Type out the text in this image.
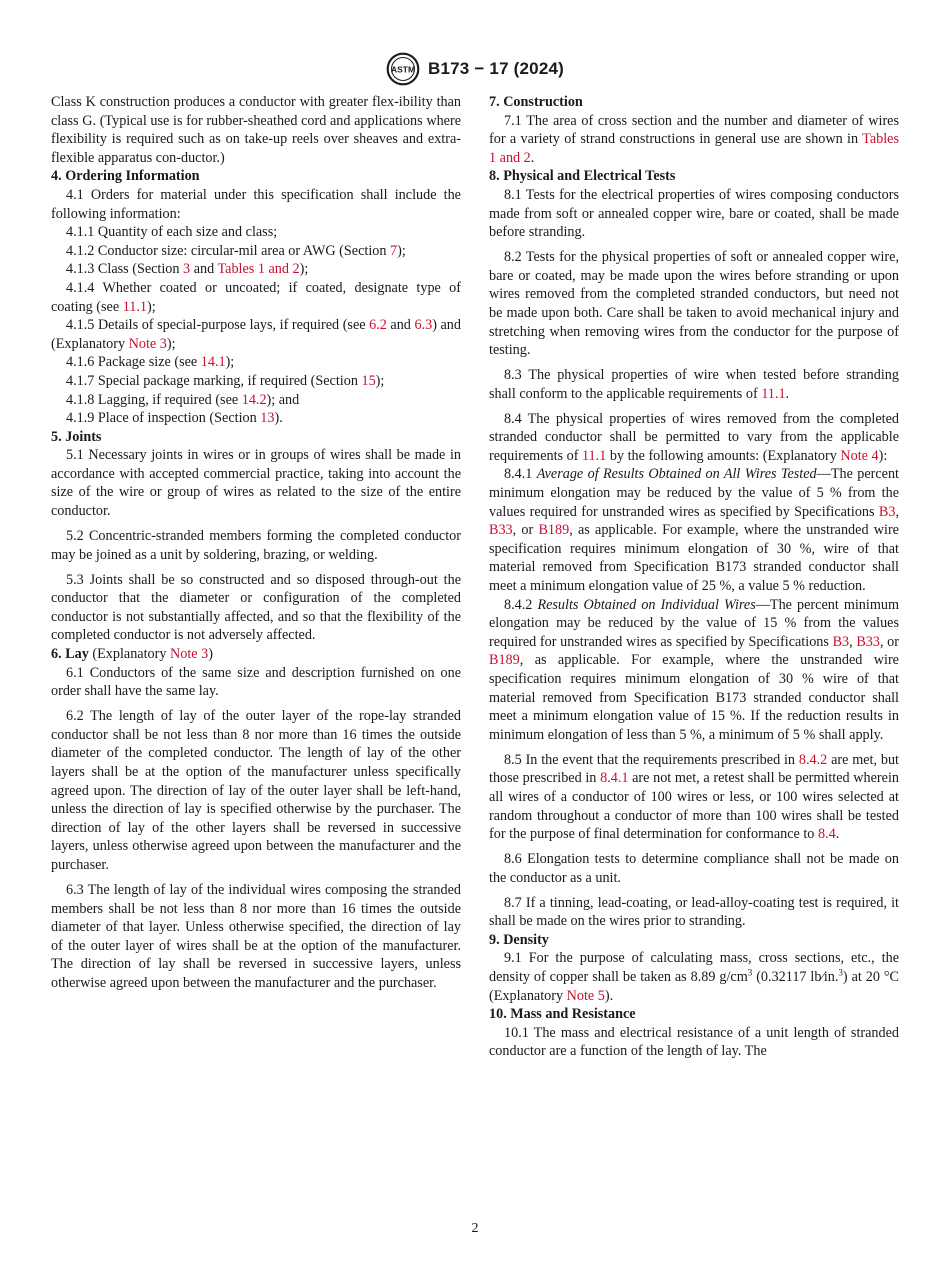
ASTM B173 − 17 (2024)

Class K construction produces a conductor with greater flex-ibility than class G. (Typical use is for rubber-sheathed cord and applications where flexibility is required such as on take-up reels over sheaves and extra-flexible apparatus con-ductor.)

4. Ordering Information

4.1 Orders for material under this specification shall include the following information:

4.1.1 Quantity of each size and class;

4.1.2 Conductor size: circular-mil area or AWG (Section 7);

4.1.3 Class (Section 3 and Tables 1 and 2);

4.1.4 Whether coated or uncoated; if coated, designate type of coating (see 11.1);

4.1.5 Details of special-purpose lays, if required (see 6.2 and 6.3) and (Explanatory Note 3);

4.1.6 Package size (see 14.1);

4.1.7 Special package marking, if required (Section 15);

4.1.8 Lagging, if required (see 14.2); and

4.1.9 Place of inspection (Section 13).

5. Joints

5.1 Necessary joints in wires or in groups of wires shall be made in accordance with accepted commercial practice, taking into account the size of the wire or group of wires as related to the size of the entire conductor.

5.2 Concentric-stranded members forming the completed conductor may be joined as a unit by soldering, brazing, or welding.

5.3 Joints shall be so constructed and so disposed through-out the conductor that the diameter or configuration of the completed conductor is not substantially affected, and so that the flexibility of the completed conductor is not adversely affected.

6. Lay (Explanatory Note 3)

6.1 Conductors of the same size and description furnished on one order shall have the same lay.

6.2 The length of lay of the outer layer of the rope-lay stranded conductor shall be not less than 8 nor more than 16 times the outside diameter of the completed conductor. The length of lay of the other layers shall be at the option of the manufacturer unless specifically agreed upon. The direction of lay of the outer layer shall be left-hand, unless the direction of lay is specified otherwise by the purchaser. The direction of lay of the other layers shall be reversed in successive layers, unless otherwise agreed upon between the manufacturer and the purchaser.

6.3 The length of lay of the individual wires composing the stranded members shall be not less than 8 nor more than 16 times the outside diameter of that layer. Unless otherwise specified, the direction of lay of the outer layer of wires shall be at the option of the manufacturer. The direction of lay shall be reversed in successive layers, unless otherwise agreed upon between the manufacturer and the purchaser.

7. Construction

7.1 The area of cross section and the number and diameter of wires for a variety of strand constructions in general use are shown in Tables 1 and 2.

8. Physical and Electrical Tests

8.1 Tests for the electrical properties of wires composing conductors made from soft or annealed copper wire, bare or coated, shall be made before stranding.

8.2 Tests for the physical properties of soft or annealed copper wire, bare or coated, may be made upon the wires before stranding or upon wires removed from the completed stranded conductors, but need not be made upon both. Care shall be taken to avoid mechanical injury and stretching when removing wires from the conductor for the purpose of testing.

8.3 The physical properties of wire when tested before stranding shall conform to the applicable requirements of 11.1.

8.4 The physical properties of wires removed from the completed stranded conductor shall be permitted to vary from the applicable requirements of 11.1 by the following amounts: (Explanatory Note 4):

8.4.1 Average of Results Obtained on All Wires Tested—The percent minimum elongation may be reduced by the value of 5 % from the values required for unstranded wires as specified by Specifications B3, B33, or B189, as applicable. For example, where the unstranded wire specification requires minimum elongation of 30 %, wire of that material removed from Specification B173 stranded conductor shall meet a minimum elongation value of 25 %, a value 5 % reduction.

8.4.2 Results Obtained on Individual Wires—The percent minimum elongation may be reduced by the value of 15 % from the values required for unstranded wires as specified by Specifications B3, B33, or B189, as applicable. For example, where the unstranded wire specification requires minimum elongation of 30 % wire of that material removed from Specification B173 stranded conductor shall meet a minimum elongation value of 15 %. If the reduction results in minimum elongation of less than 5 %, a minimum of 5 % shall apply.

8.5 In the event that the requirements prescribed in 8.4.2 are met, but those prescribed in 8.4.1 are not met, a retest shall be permitted wherein all wires of a conductor of 100 wires or less, or 100 wires selected at random throughout a conductor of more than 100 wires shall be tested for the purpose of final determination for conformance to 8.4.

8.6 Elongation tests to determine compliance shall not be made on the conductor as a unit.

8.7 If a tinning, lead-coating, or lead-alloy-coating test is required, it shall be made on the wires prior to stranding.

9. Density

9.1 For the purpose of calculating mass, cross sections, etc., the density of copper shall be taken as 8.89 $g/cm^3$ (0.32117 lb⁄in.$^3$) at 20 °C (Explanatory Note 5).

10. Mass and Resistance

10.1 The mass and electrical resistance of a unit length of stranded conductor are a function of the length of lay. The

2
